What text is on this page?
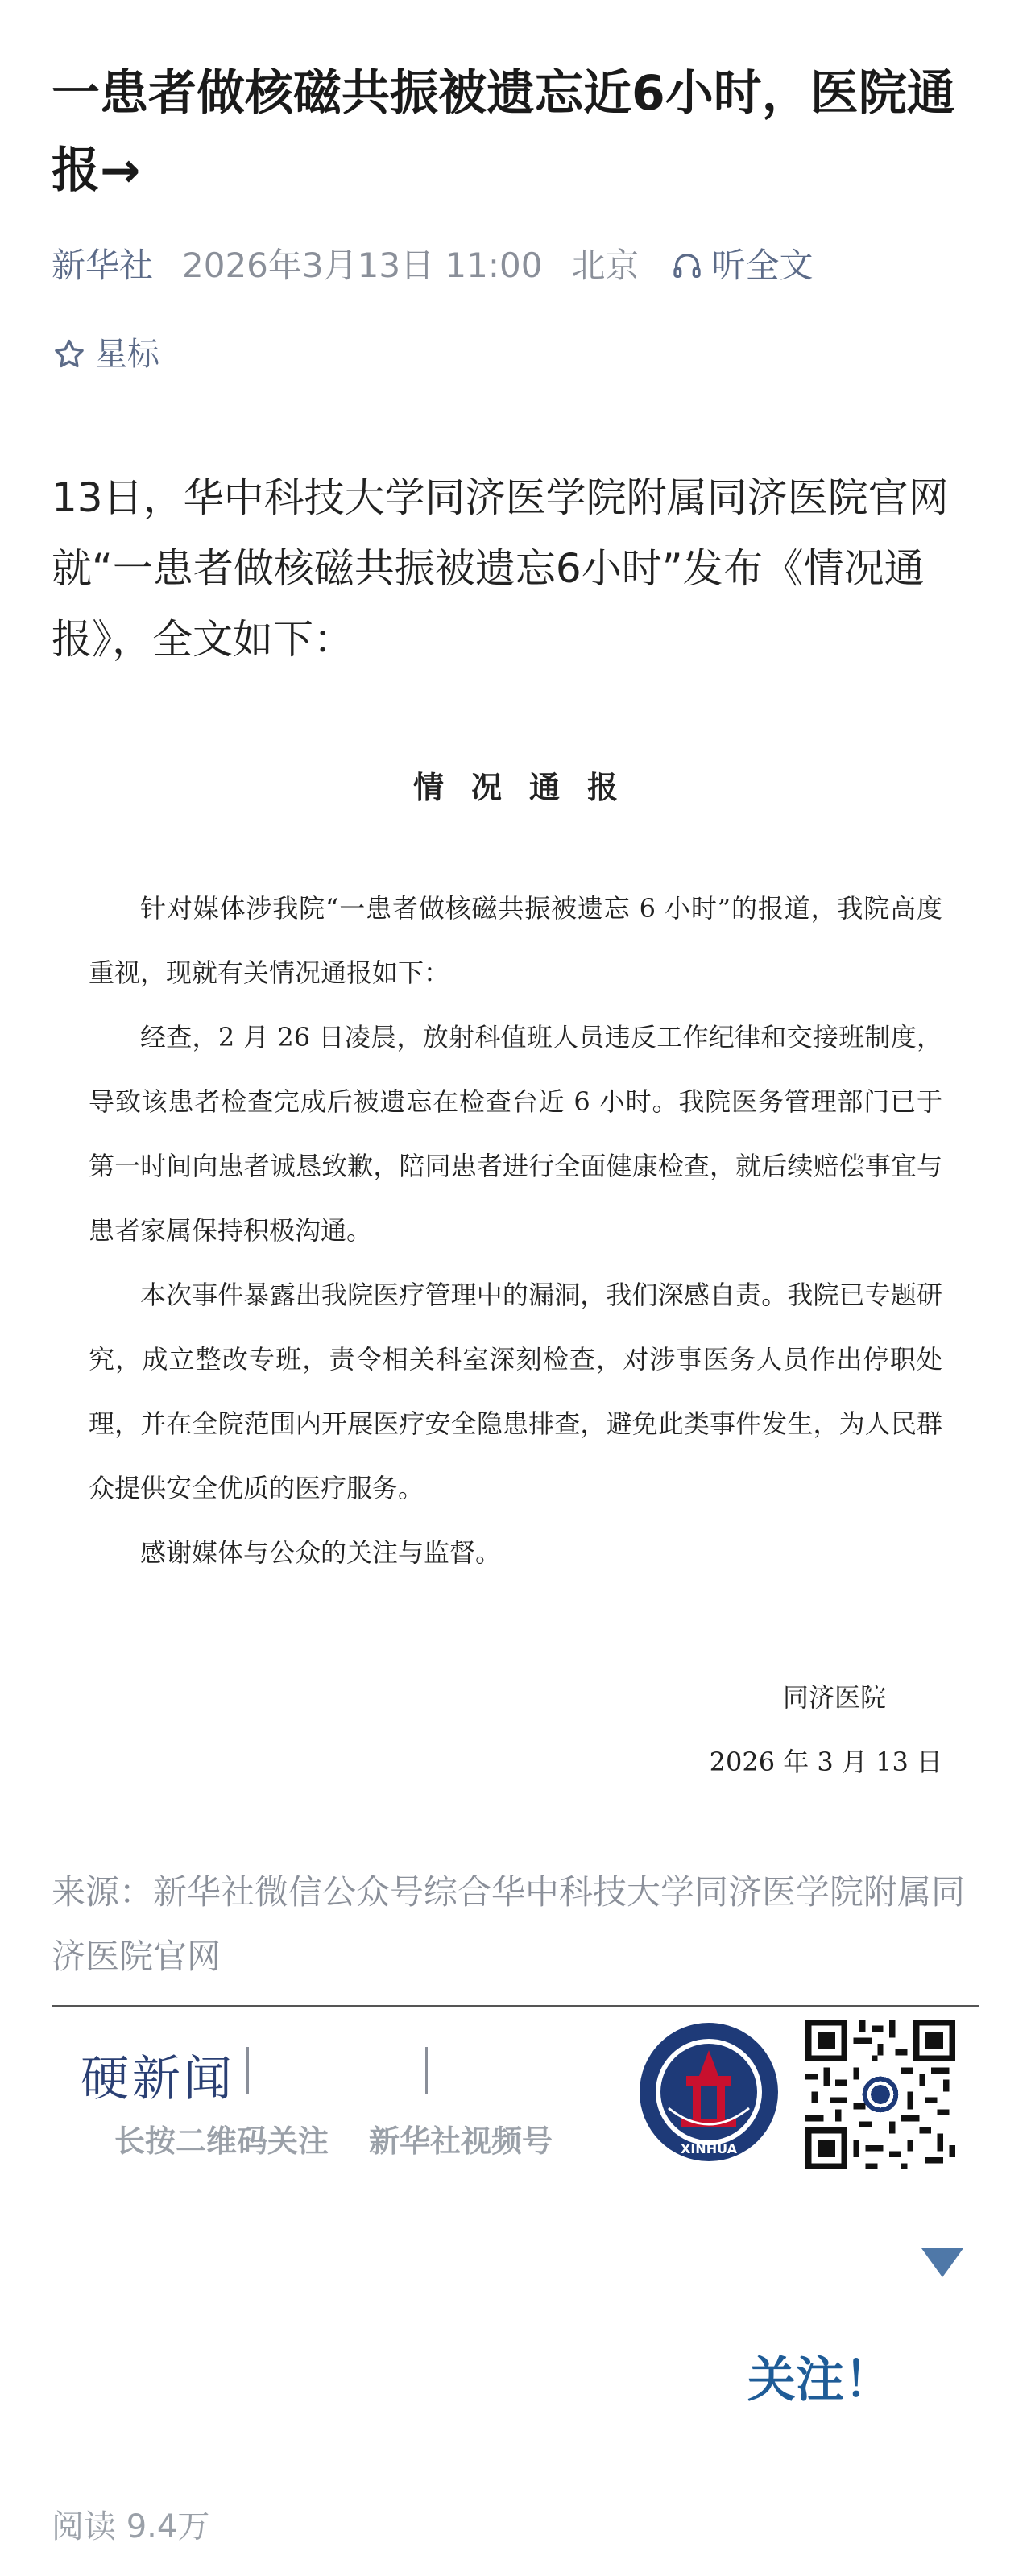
一患者做核磁共振被遗忘近6小时，医院通报→
新华社 2026年3月13日 11:00 北京 听全文
星标

13日，华中科技大学同济医学院附属同济医院官网就“一患者做核磁共振被遗忘6小时”发布《情况通报》，全文如下：

情况通报

针对媒体涉我院“一患者做核磁共振被遗忘 6 小时”的报道，我院高度重视，现就有关情况通报如下：

经查，2 月 26 日凌晨，放射科值班人员违反工作纪律和交接班制度，导致该患者检查完成后被遗忘在检查台近 6 小时。我院医务管理部门已于第一时间向患者诚恳致歉，陪同患者进行全面健康检查，就后续赔偿事宜与患者家属保持积极沟通。

本次事件暴露出我院医疗管理中的漏洞，我们深感自责。我院已专题研究，成立整改专班，责令相关科室深刻检查，对涉事医务人员作出停职处理，并在全院范围内开展医疗安全隐患排查，避免此类事件发生，为人民群众提供安全优质的医疗服务。

感谢媒体与公众的关注与监督。

同济医院

2026 年 3 月 13 日

来源：新华社微信公众号综合华中科技大学同济医学院附属同济医院官网

硬新闻
长按二维码关注 新华社视频号	XINHUA
关注！
阅读 9.4万
